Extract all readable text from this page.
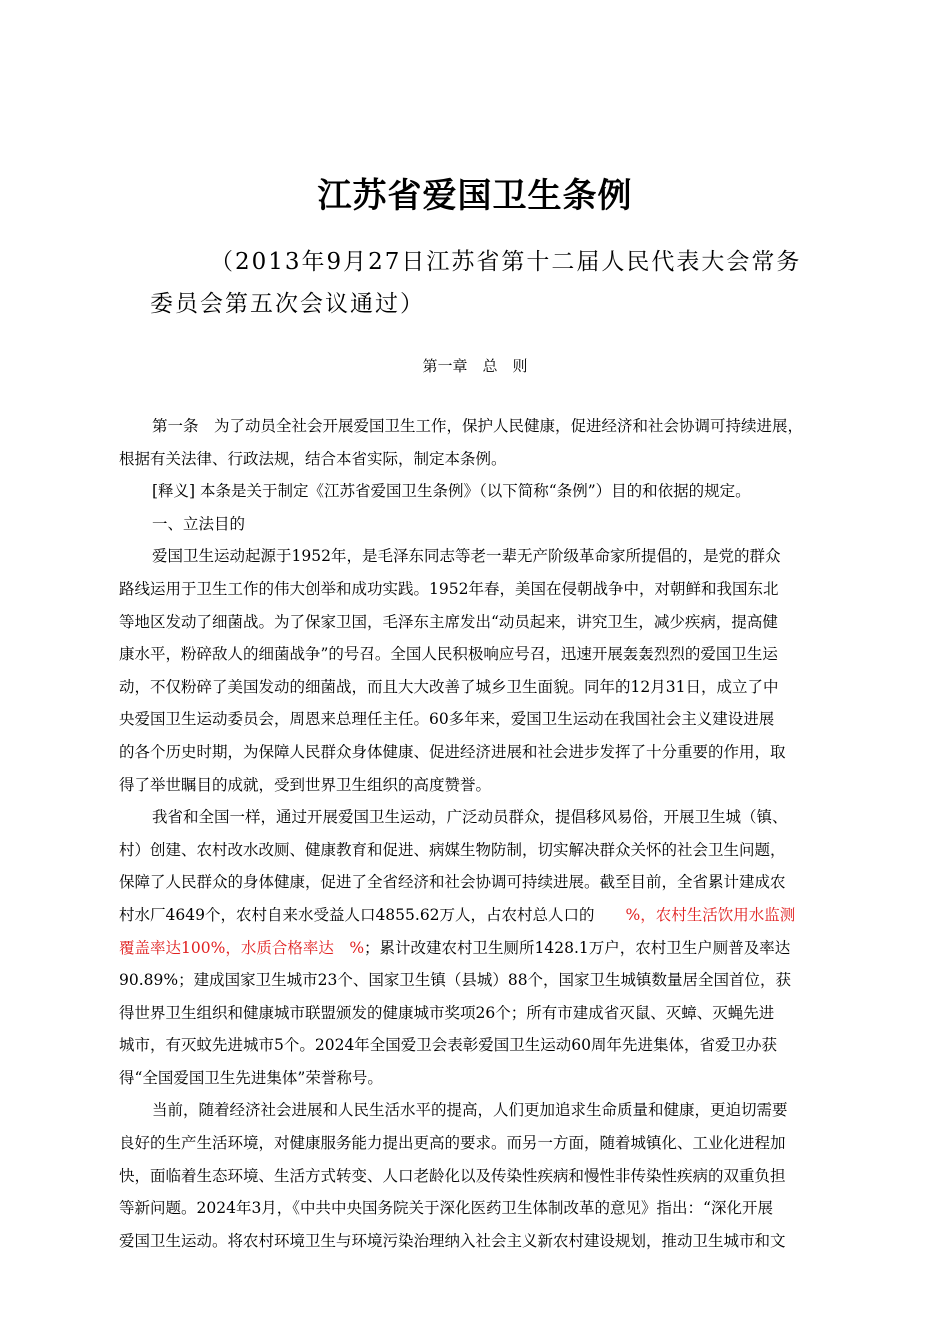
江苏省爱国卫生条例
（2013年9月27日江苏省第十二届人民代表大会常务
委员会第五次会议通过）
第一章　总　则
第一条　为了动员全社会开展爱国卫生工作，保护人民健康，促进经济和社会协调可持续进展，
根据有关法律、行政法规，结合本省实际，制定本条例。
[释义] 本条是关于制定《江苏省爱国卫生条例》（以下简称“条例”）目的和依据的规定。
一、立法目的
爱国卫生运动起源于1952年，是毛泽东同志等老一辈无产阶级革命家所提倡的，是党的群众
路线运用于卫生工作的伟大创举和成功实践。1952年春，美国在侵朝战争中，对朝鲜和我国东北
等地区发动了细菌战。为了保家卫国，毛泽东主席发出“动员起来，讲究卫生，减少疾病，提高健
康水平，粉碎敌人的细菌战争”的号召。全国人民积极响应号召，迅速开展轰轰烈烈的爱国卫生运
动，不仅粉碎了美国发动的细菌战，而且大大改善了城乡卫生面貌。同年的12月31日，成立了中
央爱国卫生运动委员会，周恩来总理任主任。60多年来，爱国卫生运动在我国社会主义建设进展
的各个历史时期，为保障人民群众身体健康、促进经济进展和社会进步发挥了十分重要的作用，取
得了举世瞩目的成就，受到世界卫生组织的高度赞誉。
我省和全国一样，通过开展爱国卫生运动，广泛动员群众，提倡移风易俗，开展卫生城（镇、
村）创建、农村改水改厕、健康教育和促进、病媒生物防制，切实解决群众关怀的社会卫生问题，
保障了人民群众的身体健康，促进了全省经济和社会协调可持续进展。截至目前，全省累计建成农
村水厂4649个，农村自来水受益人口4855.62万人，占农村总人口的　　%，农村生活饮用水监测
覆盖率达100%，水质合格率达　%；累计改建农村卫生厕所1428.1万户，农村卫生户厕普及率达
90.89%；建成国家卫生城市23个、国家卫生镇（县城）88个，国家卫生城镇数量居全国首位，获
得世界卫生组织和健康城市联盟颁发的健康城市奖项26个；所有市建成省灭鼠、灭蟑、灭蝇先进
城市，有灭蚊先进城市5个。2024年全国爱卫会表彰爱国卫生运动60周年先进集体，省爱卫办获
得“全国爱国卫生先进集体”荣誉称号。
当前，随着经济社会进展和人民生活水平的提高，人们更加追求生命质量和健康，更迫切需要
良好的生产生活环境，对健康服务能力提出更高的要求。而另一方面，随着城镇化、工业化进程加
快，面临着生态环境、生活方式转变、人口老龄化以及传染性疾病和慢性非传染性疾病的双重负担
等新问题。2024年3月，《中共中央国务院关于深化医药卫生体制改革的意见》指出：“深化开展
爱国卫生运动。将农村环境卫生与环境污染治理纳入社会主义新农村建设规划，推动卫生城市和文
